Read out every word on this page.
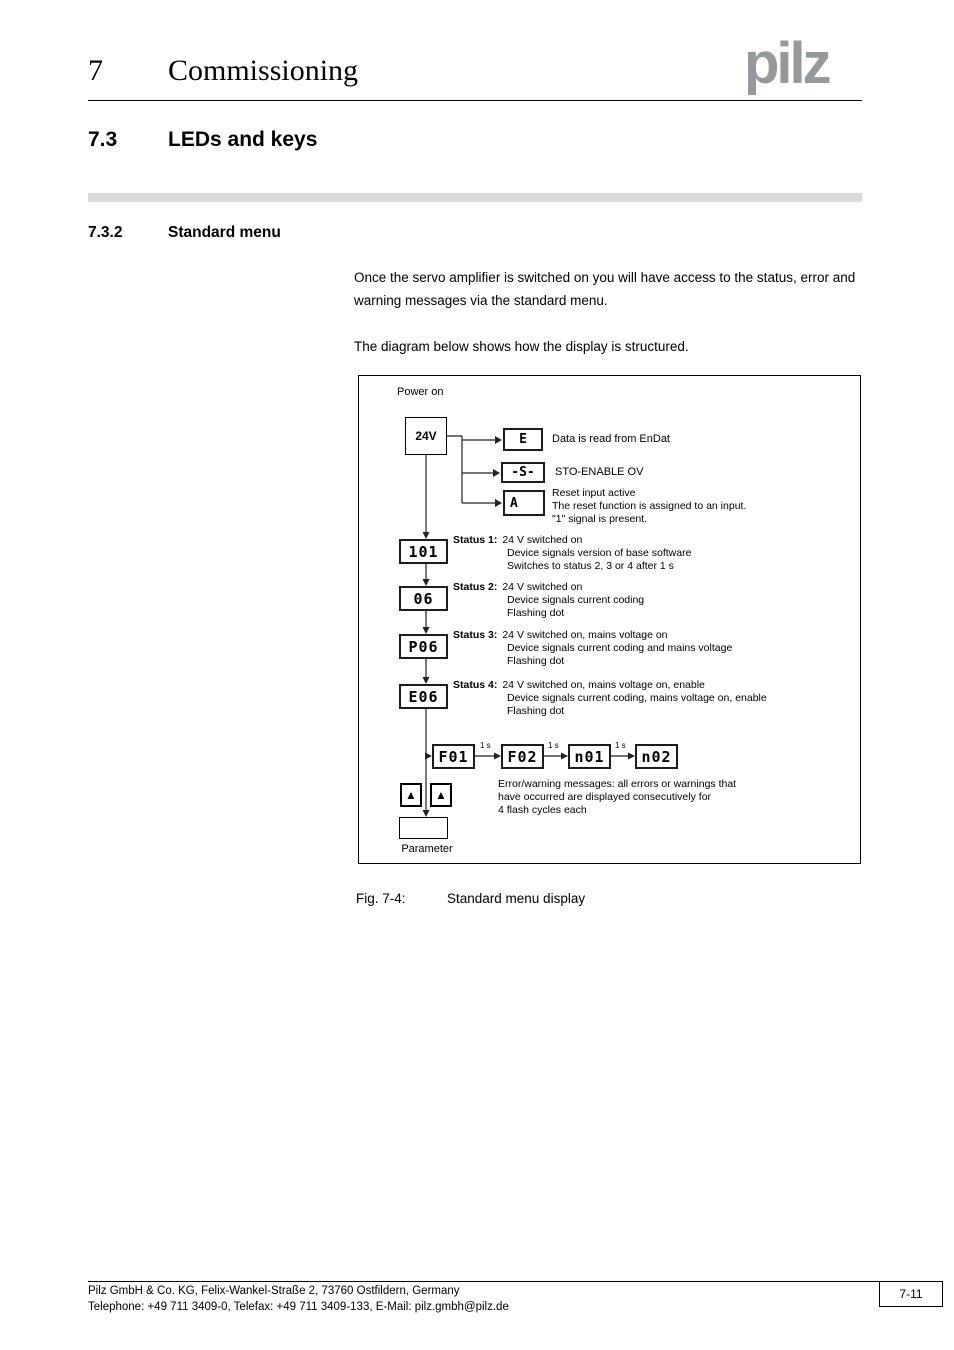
7 Commissioning	pilz
7.3 LEDs and keys
7.3.2	Standard menu

Once the servo amplifier is switched on you will have access to the status, error and warning messages via the standard menu.

The diagram below shows how the display is structured.

Power on
24V	E	Data is read from EnDat
-S-	STO-ENABLE OV
A
Reset input active
The reset function is assigned to an input.
"1" signal is present.
101
Status 1: 24 V switched on
Device signals version of base software
Switches to status 2, 3 or 4 after 1 s
06
Status 2: 24 V switched on
Device signals current coding
Flashing dot
P06
Status 3: 24 V switched on, mains voltage on
Device signals current coding and mains voltage
Flashing dot
E06
Status 4: 24 V switched on, mains voltage on, enable
Device signals current coding, mains voltage on, enable
Flashing dot
F01
1 s
F02
1 s
n01
1 s
n02
Error/warning messages: all errors or warnings that
have occurred are displayed consecutively for
4 flash cycles each
▲ ▲
Parameter
Fig. 7-4:	Standard menu display
Pilz GmbH & Co. KG, Felix-Wankel-Straße 2, 73760 Ostfildern, Germany
Telephone: +49 711 3409-0, Telefax: +49 711 3409-133, E-Mail: pilz.gmbh@pilz.de
7-11
